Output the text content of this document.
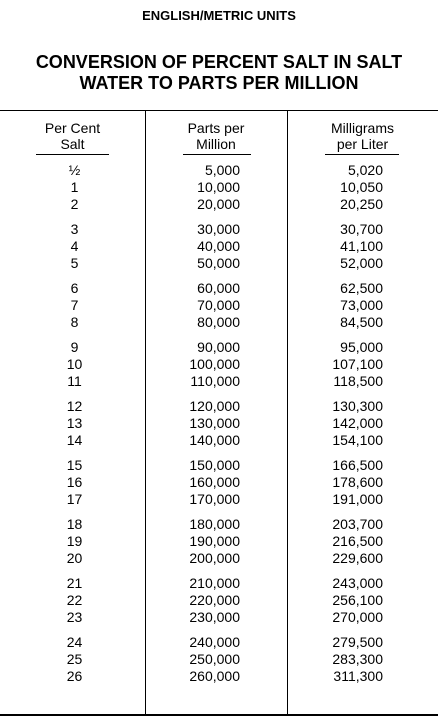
ENGLISH/METRIC UNITS
CONVERSION OF PERCENT SALT IN SALT
WATER TO PARTS PER MILLION
Per Cent
Salt
Parts per
Million
Milligrams
per Liter
½	5,000	5,020
1	10,000	10,050
2	20,000	20,250
3	30,000	30,700
4	40,000	41,100
5	50,000	52,000
6	60,000	62,500
7	70,000	73,000
8	80,000	84,500
9	90,000	95,000
10	100,000	107,100
11	110,000	118,500
12	120,000	130,300
13	130,000	142,000
14	140,000	154,100
15	150,000	166,500
16	160,000	178,600
17	170,000	191,000
18	180,000	203,700
19	190,000	216,500
20	200,000	229,600
21	210,000	243,000
22	220,000	256,100
23	230,000	270,000
24	240,000	279,500
25	250,000	283,300
26	260,000	311,300
